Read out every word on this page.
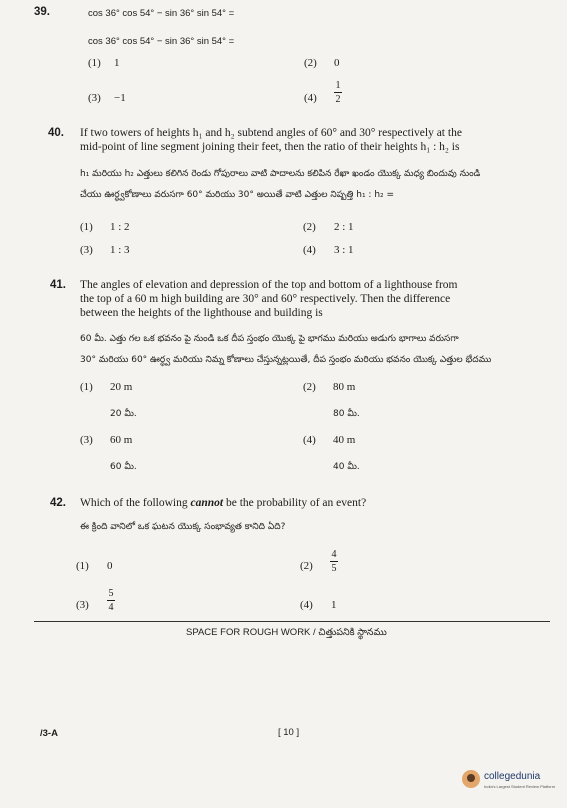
39.	cos 36° cos 54° − sin 36° sin 54° =
cos 36° cos 54° − sin 36° sin 54° =
(1) 1	(2) 0
(3) −1	$(4) \frac{1}{2}$
40. If two towers of heights h₁ and h₂ subtend angles of 60° and 30° respectively at the
mid-point of line segment joining their feet, then the ratio of their heights h₁ : h₂ is
h₁ మరియు h₂ ఎత్తులు కలిగిన రెండు గోపురాలు వాటి పాదాలను కలిపిన రేఖా ఖండం యొక్క మధ్య బిందువు నుండి
చేయు ఊర్ధ్వకోణాలు వరుసగా 60° మరియు 30° అయితే వాటి ఎత్తుల నిష్పత్తి h₁ : h₂ =
(1) 1 : 2	(2) 2 : 1
(3) 1 : 3	(4) 3 : 1
41. The angles of elevation and depression of the top and bottom of a lighthouse from
the top of a 60 m high building are 30° and 60° respectively. Then the difference
between the heights of the lighthouse and building is
60 మీ. ఎత్తు గల ఒక భవనం పై నుండి ఒక దీప స్తంభం యొక్క పై భాగము మరియు అడుగు భాగాలు వరుసగా
30° మరియు 60° ఊర్ధ్వ మరియు నిమ్న కోణాలు చేస్తున్నట్లయితే, దీప స్తంభం మరియు భవనం యొక్క ఎత్తుల భేదము
(1) 20 m	(2) 80 m
20 మీ.	80 మీ.
(3) 60 m	(4) 40 m
60 మీ.	40 మీ.
42. Which of the following cannot be the probability of an event?
ఈ క్రింది వానిలో ఒక ఘటన యొక్క సంభావ్యత కానిది ఏది?
(1) 0	$(2) \frac{4}{5}$
$(3) \frac{5}{4}$	(4) 1
SPACE FOR ROUGH WORK / చిత్తుపనికి స్థానము
/3-A	[ 10 ]
collegedunia
India's Largest Student Review Platform
